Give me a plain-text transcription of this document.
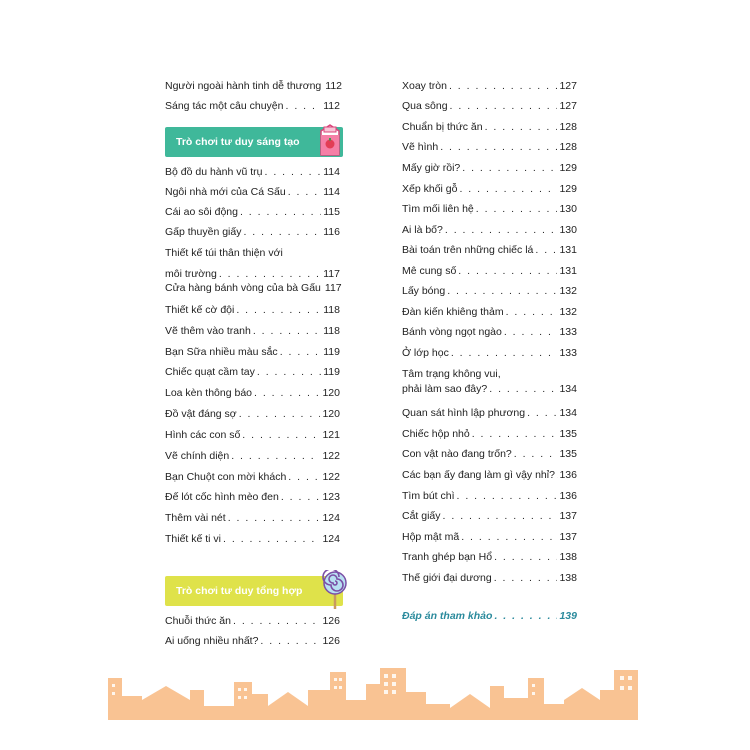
Người ngoài hành tinh dễ thương 112
Sáng tác một câu chuyện . . .	112
Trò chơi tư duy sáng tạo
Bộ đồ du hành vũ trụ . . .	114
Ngôi nhà mới của Cá Sấu . . .	114
Cái ao sôi động . . .	115
Gấp thuyền giấy . . .	116
Thiết kế túi thân thiện với
môi trường . . .	117
Cửa hàng bánh vòng của bà Gấu 117
Thiết kế cờ đội . . .	118
Vẽ thêm vào tranh . . .	118
Bạn Sữa nhiều màu sắc . . .	119
Chiếc quạt cầm tay . . .	119
Loa kèn thông báo . . .	120
Đồ vật đáng sợ . . .	120
Hình các con số . . .	121
Vẽ chính diện . . .	122
Bạn Chuột con mời khách . . .	122
Đế lót cốc hình mèo đen . . .	123
Thêm vài nét . . .	124
Thiết kế ti vi . . .	124
Trò chơi tư duy tổng hợp
Chuỗi thức ăn . . .	126
Ai uống nhiều nhất? . . .	126
Xoay tròn . . .	127
Qua sông . . .	127
Chuẩn bị thức ăn . . .	128
Vẽ hình . . .	128
Mấy giờ rồi? . . .	129
Xếp khối gỗ . . .	129
Tìm mối liên hệ . . .	130
Ai là bố? . . .	130
Bài toán trên những chiếc lá . . . 131
Mê cung số . . .	131
Lấy bóng . . .	132
Đàn kiến khiêng thảm . . .	132
Bánh vòng ngọt ngào . . .	133
Ở lớp học . . .	133
Tâm trạng không vui,
phải làm sao đây? . . .	134
Quan sát hình lập phương . . .	134
Chiếc hộp nhỏ . . .	135
Con vật nào đang trốn? . . .	135
Các bạn ấy đang làm gì vậy nhỉ? . . . 136
Tìm bút chì . . .	136
Cắt giấy . . .	137
Hộp mật mã . . .	137
Tranh ghép bạn Hổ . . .	138
Thế giới đại dương . . .	138
Đáp án tham khảo . . .	139
